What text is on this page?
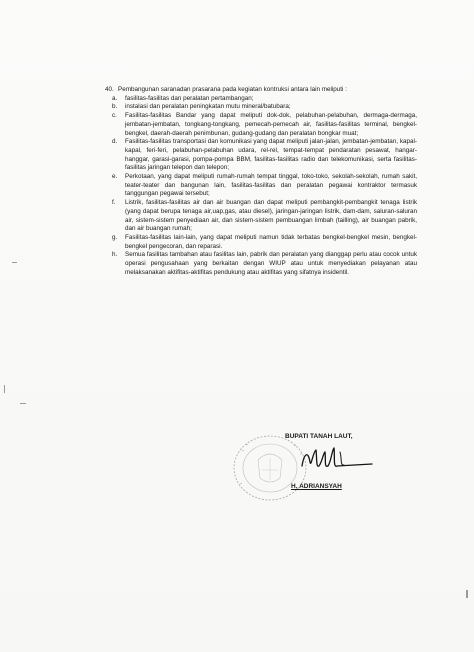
40. Pembangunan saranadan prasarana pada kegiatan kontruksi antara lain meliputi :
a.	fasilitas-fasilitas dan peralatan pertambangan;
b.	instalasi dan peralatan peningkatan mutu mineral/batubara;
c.	Fasilitas-fasilitas Bandar yang dapat meliputi dok-dok, pelabuhan-pelabuhan, dermaga-dermaga, jembatan-jembatan, tongkang-tongkang, pemecah-pemecah air, fasilitas-fasilitas terminal, bengkel-bengkel, daerah-daerah penimbunan, gudang-gudang dan peralatan bongkar muat;
d.	Fasilitas-fasilitas transportasi dan komunikasi yang dapat meliputi jalan-jalan, jembatan-jembatan, kapal-kapal, feri-feri, pelabuhan-pelabuhan udara, rel-rel, tempat-tempat pendaratan pesawat, hangar-hanggar, garasi-garasi, pompa-pompa BBM, fasilitas-fasilitas radio dan telekomunikasi, serta fasilitas-fasilitas jaringan telepon dan telepon;
e.	Perkotaan, yang dapat meliputi rumah-rumah tempat tinggal, toko-toko, sekolah-sekolah, rumah sakit, teater-teater dan bangunan lain, fasilitas-fasilitas dan peralatan pegawai kontraktor termasuk tanggungan pegawai tersebut;
f.	Listrik, fasilitas-fasilitas air dan air buangan dan dapat meliputi pembangkit-pembangkit tenaga listrik (yang dapat berupa tenaga air,uap,gas, atau diesel), jaringan-jaringan listrik, dam-dam, saluran-saluran air, sistem-sistem penyediaan air, dan sistem-sistem pembuangan limbah (tailling), air buangan pabrik, dan air buangan rumah;
g.	Fasilitas-fasilitas lain-lain, yang dapat meliputi namun tidak terbatas bengkel-bengkel mesin, bengkel-bengkel pengecoran, dan reparasi.
h.	Semua fasilitas tambahan atau fasilitas lain, pabrik dan peralatan yang dianggap perlu atau cocok untuk operasi pengusahaan yang berkaitan dengan WIUP atau untuk menyediakan pelayanan atau melaksanakan aktifitas-aktifitas pendukung atau aktifitas yang sifatnya insidentil.
BUPATI TANAH LAUT,
H. ADRIANSYAH
